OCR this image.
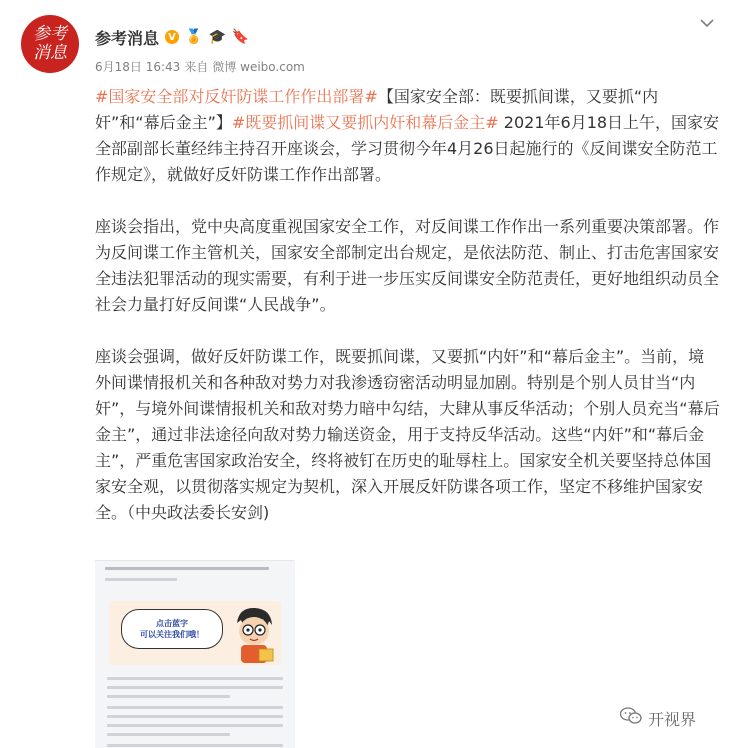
参 考
消 息
参考消息 V 🏅 🎓 🔖
6月18日 16:43 来自 微博 weibo.com

#国家安全部对反奸防谍工作作出部署#【国家安全部：既要抓间谍，又要抓“内奸”和“幕后金主”】#既要抓间谍又要抓内奸和幕后金主# 2021年6月18日上午，国家安全部副部长董经纬主持召开座谈会，学习贯彻今年4月26日起施行的《反间谍安全防范工作规定》，就做好反奸防谍工作作出部署。

座谈会指出，党中央高度重视国家安全工作，对反间谍工作作出一系列重要决策部署。作为反间谍工作主管机关，国家安全部制定出台规定，是依法防范、制止、打击危害国家安全违法犯罪活动的现实需要，有利于进一步压实反间谍安全防范责任，更好地组织动员全社会力量打好反间谍“人民战争”。

座谈会强调，做好反奸防谍工作，既要抓间谍，又要抓“内奸”和“幕后金主”。当前，境外间谍情报机关和各种敌对势力对我渗透窃密活动明显加剧。特别是个别人员甘当“内奸”，与境外间谍情报机关和敌对势力暗中勾结，大肆从事反华活动；个别人员充当“幕后金主”，通过非法途径向敌对势力输送资金，用于支持反华活动。这些“内奸”和“幕后金主”，严重危害国家政治安全，终将被钉在历史的耻辱柱上。国家安全机关要坚持总体国家安全观，以贯彻落实规定为契机，深入开展反奸防谍各项工作，坚定不移维护国家安全。（中央政法委长安剑)

点击蓝字
可以关注我们哦！
开视界
